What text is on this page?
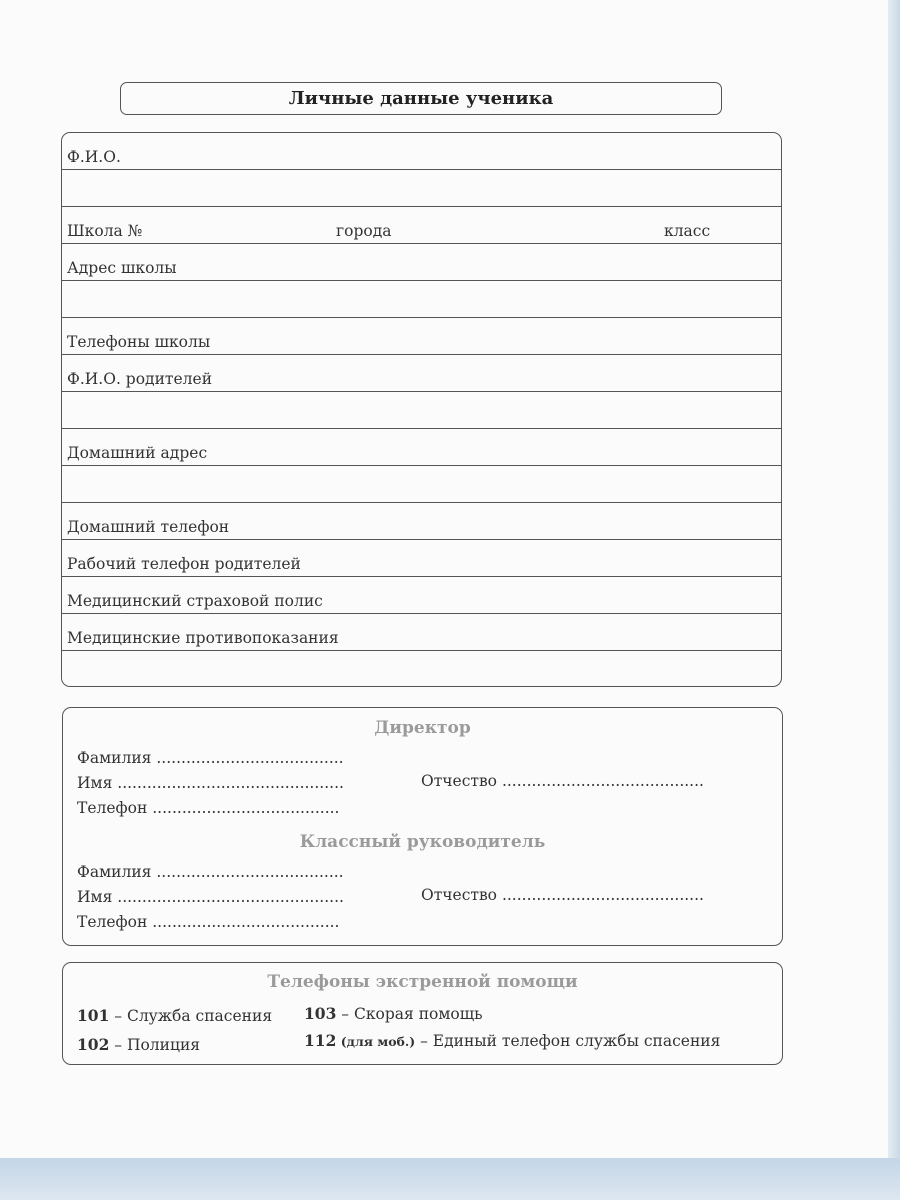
Личные данные ученика
Ф.И.О.
Школа №	города	класс
Адрес школы
Телефоны школы
Ф.И.О. родителей
Домашний адрес
Домашний телефон
Рабочий телефон родителей
Медицинский страховой полис
Медицинские противопоказания
Директор
Фамилия ......................................
Имя ..............................................	Отчество .........................................
Телефон ......................................
Классный руководитель
Фамилия ......................................
Имя ..............................................	Отчество .........................................
Телефон ......................................
Телефоны экстренной помощи
101 – Служба спасения 103 – Скорая помощь
102 – Полиция	112 (для моб.) – Единый телефон службы спасения
